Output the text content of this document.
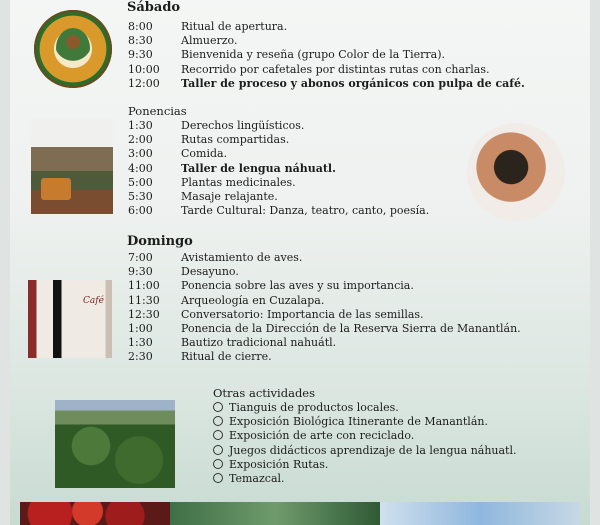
Café
Sábado
8:00	Ritual de apertura.
8:30	Almuerzo.
9:30	Bienvenida y reseña (grupo Color de la Tierra).
10:00 Recorrido por cafetales por distintas rutas con charlas.
12:00 Taller de proceso y abonos orgánicos con pulpa de café.
Ponencias
1:30	Derechos lingüísticos.
2:00	Rutas compartidas.
3:00	Comida.
4:00	Taller de lengua náhuatl.
5:00	Plantas medicinales.
5:30	Masaje relajante.
6:00	Tarde Cultural: Danza, teatro, canto, poesía.
Domingo
7:00	Avistamiento de aves.
9:30	Desayuno.
11:00 Ponencia sobre las aves y su importancia.
11:30 Arqueología en Cuzalapa.
12:30 Conversatorio: Importancia de las semillas.
1:00	Ponencia de la Dirección de la Reserva Sierra de Manantlán.
1:30	Bautizo tradicional nahuátl.
2:30	Ritual de cierre.
Otras actividades
Tianguis de productos locales.
Exposición Biológica Itinerante de Manantlán.
Exposición de arte con reciclado.
Juegos didácticos aprendizaje de la lengua náhuatl.
Exposición Rutas.
Temazcal.
